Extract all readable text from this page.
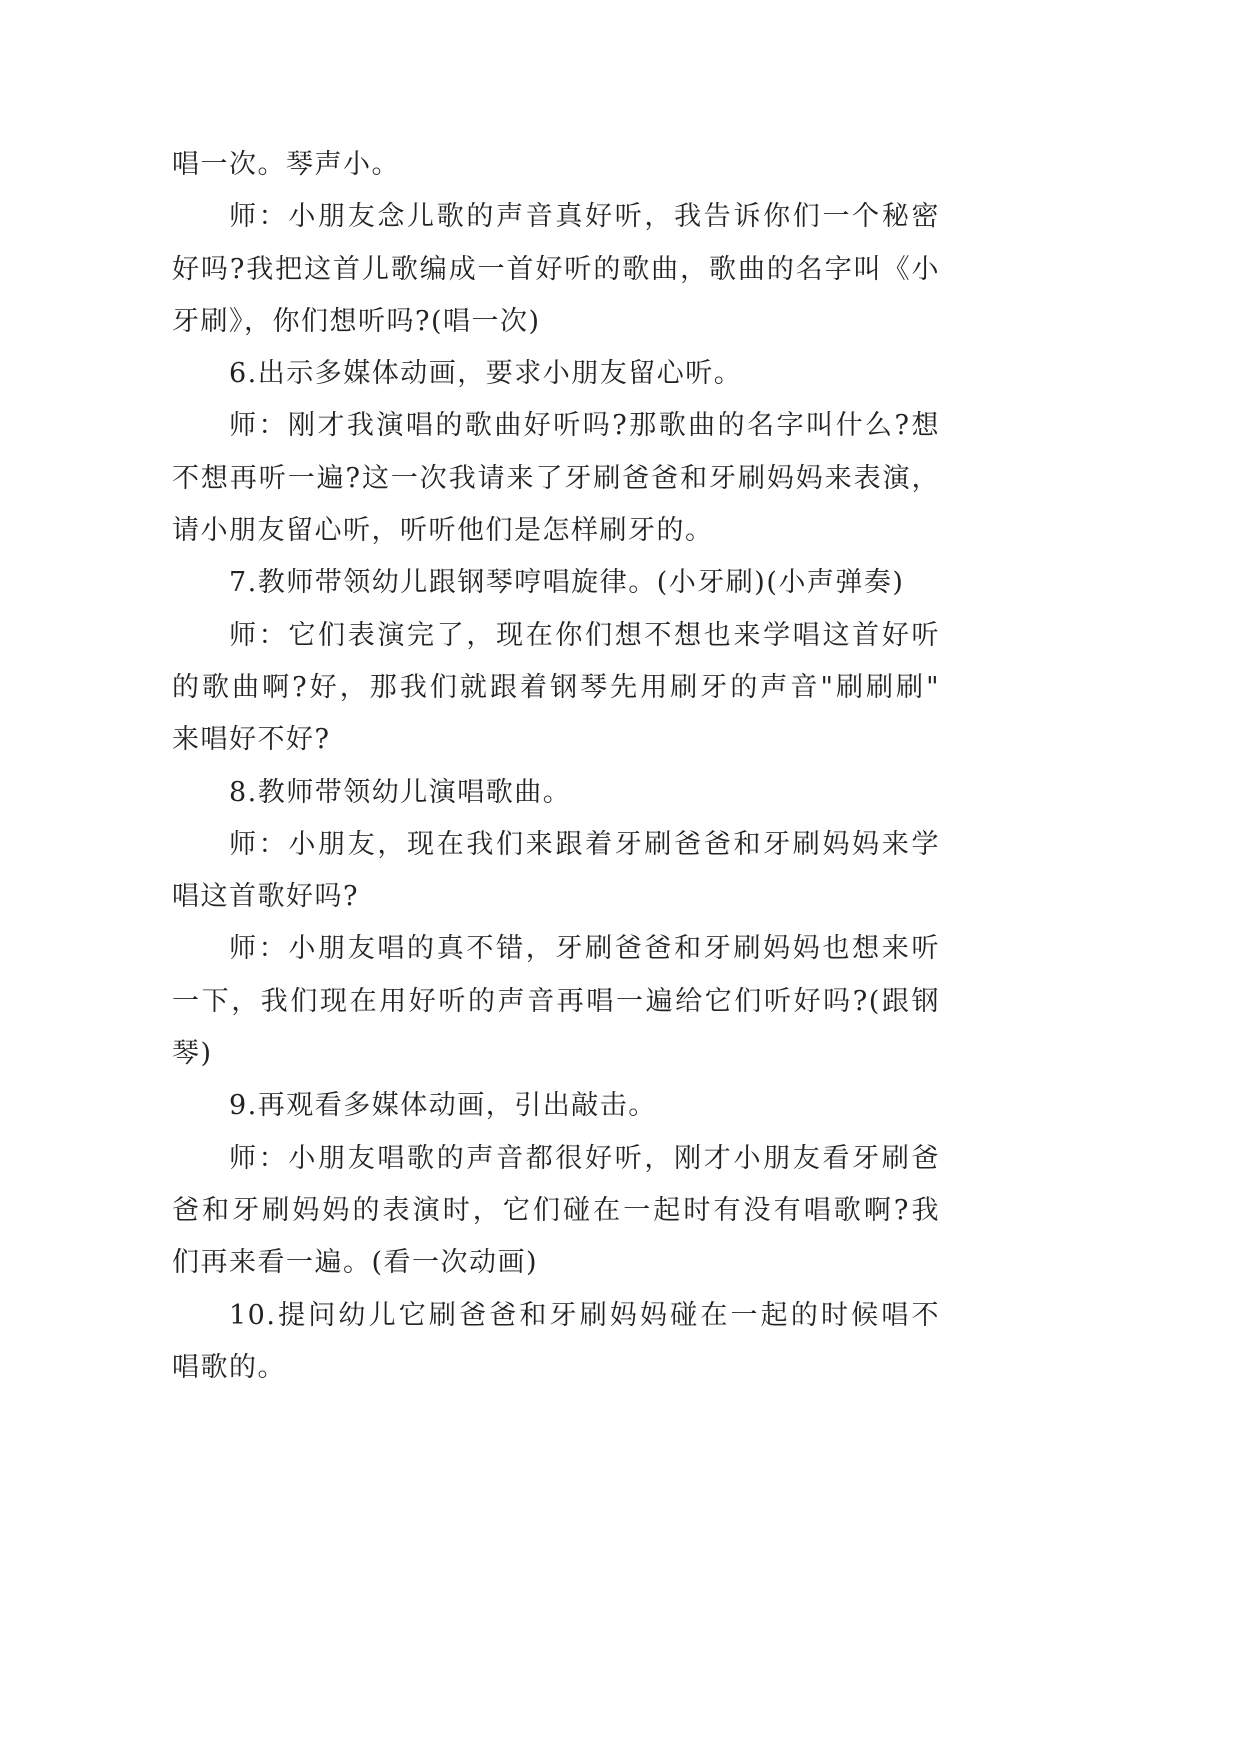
唱一次。琴声小。
师：小朋友念儿歌的声音真好听，我告诉你们一个秘密
好吗?我把这首儿歌编成一首好听的歌曲，歌曲的名字叫《小
牙刷》，你们想听吗?(唱一次)
6.出示多媒体动画，要求小朋友留心听。
师：刚才我演唱的歌曲好听吗?那歌曲的名字叫什么?想
不想再听一遍?这一次我请来了牙刷爸爸和牙刷妈妈来表演，
请小朋友留心听，听听他们是怎样刷牙的。
7.教师带领幼儿跟钢琴哼唱旋律。(小牙刷)(小声弹奏)
师：它们表演完了，现在你们想不想也来学唱这首好听
的歌曲啊?好，那我们就跟着钢琴先用刷牙的声音"刷刷刷"
来唱好不好?
8.教师带领幼儿演唱歌曲。
师：小朋友，现在我们来跟着牙刷爸爸和牙刷妈妈来学
唱这首歌好吗?
师：小朋友唱的真不错，牙刷爸爸和牙刷妈妈也想来听
一下，我们现在用好听的声音再唱一遍给它们听好吗?(跟钢
琴)
9.再观看多媒体动画，引出敲击。
师：小朋友唱歌的声音都很好听，刚才小朋友看牙刷爸
爸和牙刷妈妈的表演时，它们碰在一起时有没有唱歌啊?我
们再来看一遍。(看一次动画)
10.提问幼儿它刷爸爸和牙刷妈妈碰在一起的时候唱不
唱歌的。
